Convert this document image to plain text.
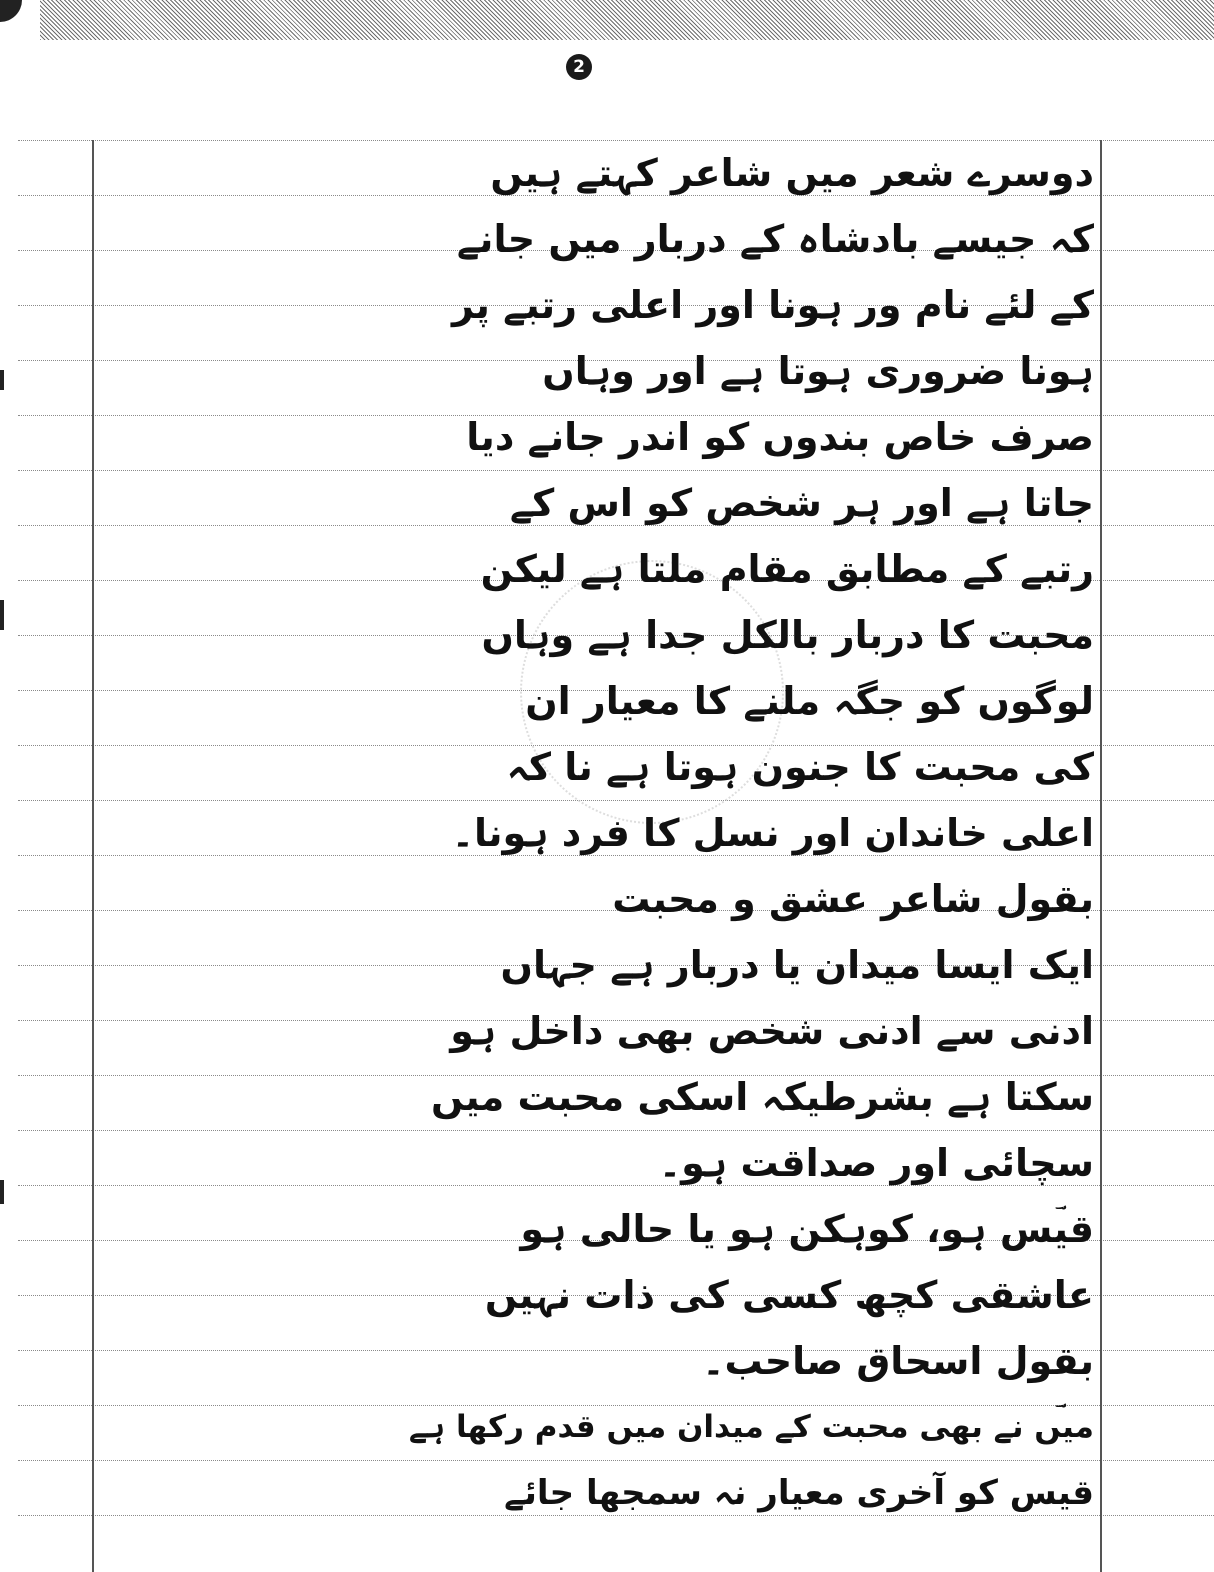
2
دوسرے شعر میں شاعر کہتے ہیں
کہ جیسے بادشاہ کے دربار میں جانے
کے لئے نام ور ہونا اور اعلی رتبے پر
ہونا ضروری ہوتا ہے اور وہاں
صرف خاص بندوں کو اندر جانے دیا
جاتا ہے اور ہر شخص کو اس کے
رتبے کے مطابق مقام ملتا ہے لیکن
محبت کا دربار بالکل جدا ہے وہاں
لوگوں کو جگہ ملنے کا معیار ان
کی محبت کا جنون ہوتا ہے نا کہ
اعلی خاندان اور نسل کا فرد ہونا۔
بقول شاعر عشق و محبت
ایک ایسا میدان یا دربار ہے جہاں
ادنی سے ادنی شخص بھی داخل ہو
سکتا ہے بشرطیکہ اسکی محبت میں
سچائی اور صداقت ہو۔
قیس ہو، کوہکن ہو یا حالی ہو
عاشقی کچھ کسی کی ذات نہیں
بقول اسحاق صاحب۔
میں نے بھی محبت کے میدان میں قدم رکھا ہے
قیس کو آخری معیار نہ سمجھا جائے
